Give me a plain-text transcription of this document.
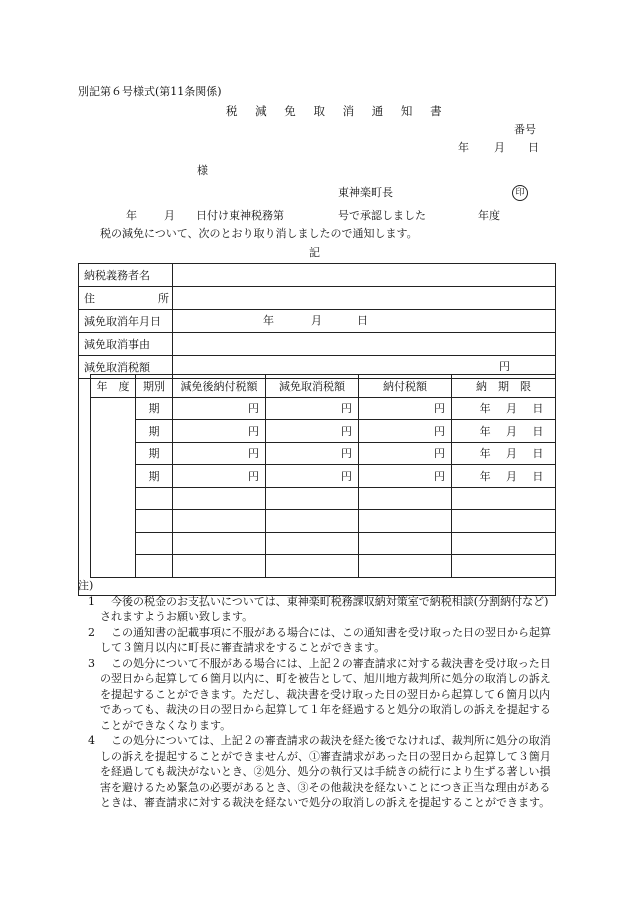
別記第６号様式(第11条関係)
税 減 免 取 消 通 知 書
番号
年 月 日
様
東神楽町長	印
年 月 日付け東神税務第	号で承認しました	年度
税の減免について、次のとおり取り消しましたので通知します。
記
納税義務者名	

住 所	

減免取消年月日	年 月 日

減免取消事由	
減免取消税額	円

年　度	期別	減免後納付税額	減免取消税額	納付税額	納　期　限
	期	円	円	円	年 月 日

	期	円	円	円	年 月 日

	期	円	円	円	年 月 日

	期	円	円	円	年 月 日

注)
1	今後の税金のお支払いについては、東神楽町税務課収納対策室で納税相談(分割納付など)されますようお願い致します。
2	この通知書の記載事項に不服がある場合には、この通知書を受け取った日の翌日から起算して３箇月以内に町長に審査請求をすることができます。
3	この処分について不服がある場合には、上記２の審査請求に対する裁決書を受け取った日の翌日から起算して６箇月以内に、町を被告として、旭川地方裁判所に処分の取消しの訴えを提起することができます。ただし、裁決書を受け取った日の翌日から起算して６箇月以内であっても、裁決の日の翌日から起算して１年を経過すると処分の取消しの訴えを提起することができなくなります。
4	この処分については、上記２の審査請求の裁決を経た後でなければ、裁判所に処分の取消しの訴えを提起することができませんが、①審査請求があった日の翌日から起算して３箇月を経過しても裁決がないとき、②処分、処分の執行又は手続きの続行により生ずる著しい損害を避けるため緊急の必要があるとき、③その他裁決を経ないことにつき正当な理由があるときは、審査請求に対する裁決を経ないで処分の取消しの訴えを提起することができます。
